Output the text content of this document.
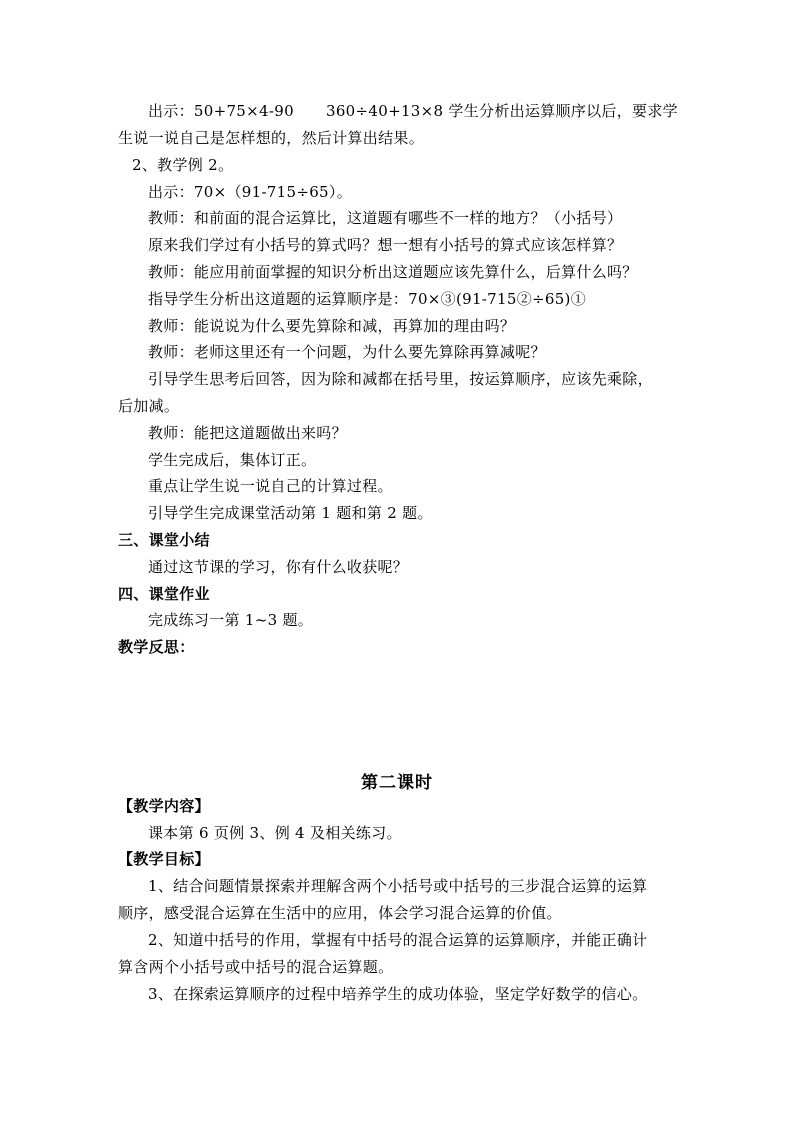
出示：50+75×4-90 360÷40+13×8 学生分析出运算顺序以后，要求学
生说一说自己是怎样想的，然后计算出结果。
2、教学例 2。
出示：70×（91-715÷65）。
教师：和前面的混合运算比，这道题有哪些不一样的地方？（小括号）
原来我们学过有小括号的算式吗？想一想有小括号的算式应该怎样算？
教师：能应用前面掌握的知识分析出这道题应该先算什么，后算什么吗？
指导学生分析出这道题的运算顺序是：70×③(91-715②÷65)①
教师：能说说为什么要先算除和减，再算加的理由吗？
教师：老师这里还有一个问题，为什么要先算除再算减呢？
引导学生思考后回答，因为除和减都在括号里，按运算顺序，应该先乘除，
后加减。
教师：能把这道题做出来吗？
学生完成后，集体订正。
重点让学生说一说自己的计算过程。
引导学生完成课堂活动第 1 题和第 2 题。
三、课堂小结
通过这节课的学习，你有什么收获呢？
四、课堂作业
完成练习一第 1~3 题。
教学反思：
第二课时
【教学内容】
课本第 6 页例 3、例 4 及相关练习。
【教学目标】
1、结合问题情景探索并理解含两个小括号或中括号的三步混合运算的运算
顺序，感受混合运算在生活中的应用，体会学习混合运算的价值。
2、知道中括号的作用，掌握有中括号的混合运算的运算顺序，并能正确计
算含两个小括号或中括号的混合运算题。
3、在探索运算顺序的过程中培养学生的成功体验，坚定学好数学的信心。
